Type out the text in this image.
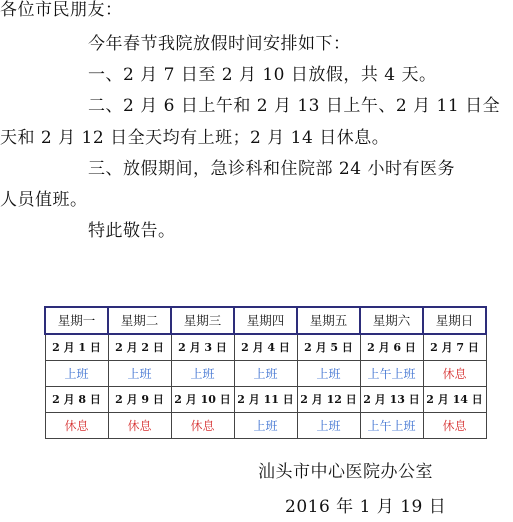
各位市民朋友：
今年春节我院放假时间安排如下：
一、2 月 7 日至 2 月 10 日放假，共 4 天。
二、2 月 6 日上午和 2 月 13 日上午、2 月 11 日全
天和 2 月 12 日全天均有上班；2 月 14 日休息。
三、放假期间，急诊科和住院部 24 小时有医务
人员值班。
特此敬告。
星期一	星期二	星期三	星期四	星期五	星期六	星期日
2 月 1 日	2 月 2 日	2 月 3 日	2 月 4 日	2 月 5 日	2 月 6 日	2 月 7 日
上班	上班	上班	上班	上班	上午上班	休息
2 月 8 日	2 月 9 日	2 月 10 日	2 月 11 日	2 月 12 日	2 月 13 日	2 月 14 日
休息	休息	休息	上班	上班	上午上班	休息
汕头市中心医院办公室
2016 年 1 月 19 日
